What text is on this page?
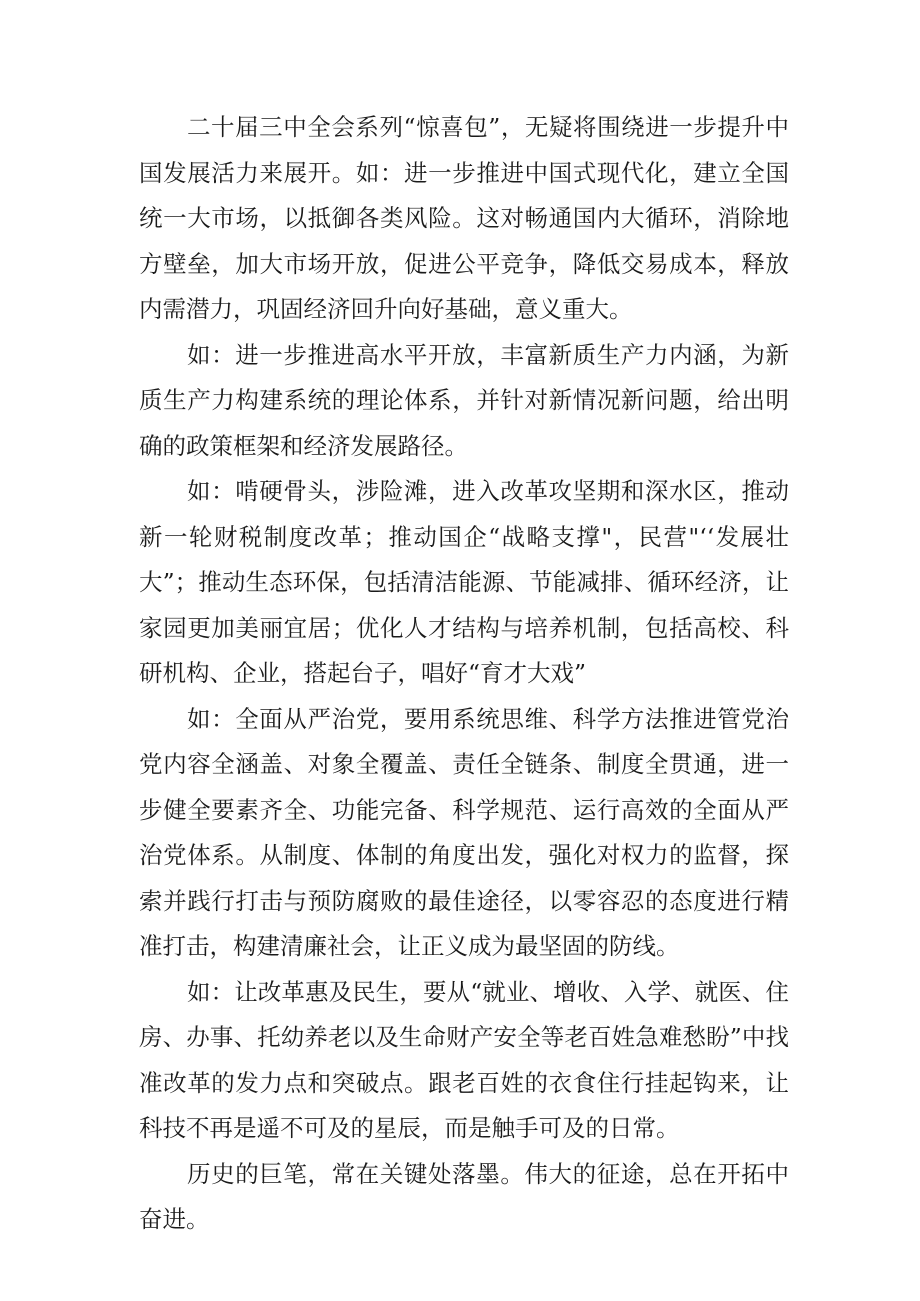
二十届三中全会系列“惊喜包”，无疑将围绕进一步提升中国发展活力来展开。如：进一步推进中国式现代化，建立全国统一大市场，以抵御各类风险。这对畅通国内大循环，消除地方壁垒，加大市场开放，促进公平竞争，降低交易成本，释放内需潜力，巩固经济回升向好基础，意义重大。

如：进一步推进高水平开放，丰富新质生产力内涵，为新质生产力构建系统的理论体系，并针对新情况新问题，给出明确的政策框架和经济发展路径。

如：啃硬骨头，涉险滩，进入改革攻坚期和深水区，推动新一轮财税制度改革；推动国企“战略支撑"，民营"‘‘发展壮大”；推动生态环保，包括清洁能源、节能减排、循环经济，让家园更加美丽宜居；优化人才结构与培养机制，包括高校、科研机构、企业，搭起台子，唱好“育才大戏”

如：全面从严治党，要用系统思维、科学方法推进管党治党内容全涵盖、对象全覆盖、责任全链条、制度全贯通，进一步健全要素齐全、功能完备、科学规范、运行高效的全面从严治党体系。从制度、体制的角度出发，强化对权力的监督，探索并践行打击与预防腐败的最佳途径，以零容忍的态度进行精准打击，构建清廉社会，让正义成为最坚固的防线。

如：让改革惠及民生，要从“就业、增收、入学、就医、住房、办事、托幼养老以及生命财产安全等老百姓急难愁盼”中找准改革的发力点和突破点。跟老百姓的衣食住行挂起钩来，让科技不再是遥不可及的星辰，而是触手可及的日常。

历史的巨笔，常在关键处落墨。伟大的征途，总在开拓中奋进。
